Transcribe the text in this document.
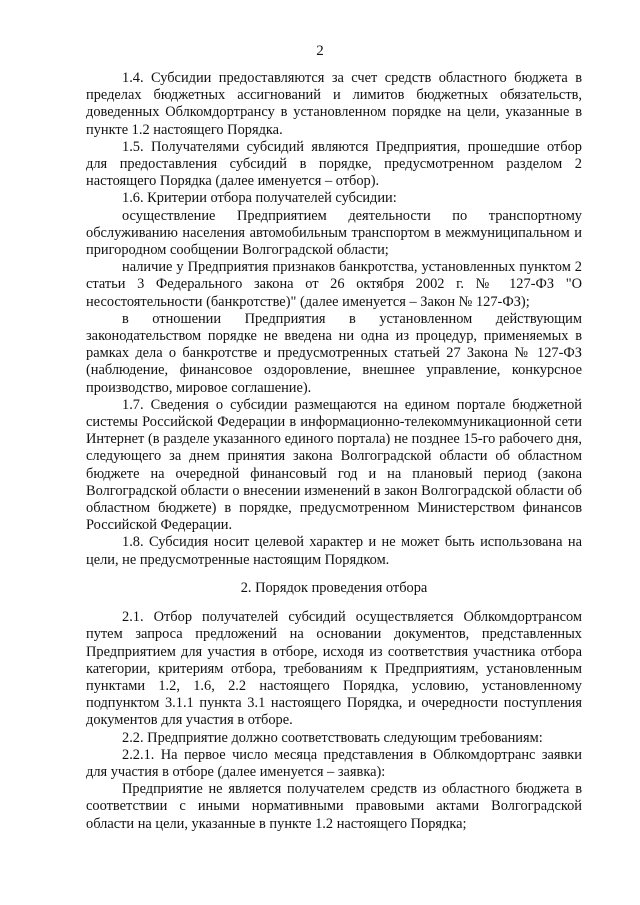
2

1.4. Субсидии предоставляются за счет средств областного бюджета в пределах бюджетных ассигнований и лимитов бюджетных обязательств, доведенных Облкомдортрансу в установленном порядке на цели, указанные в пункте 1.2 настоящего Порядка.

1.5. Получателями субсидий являются Предприятия, прошедшие отбор для предоставления субсидий в порядке, предусмотренном разделом 2 настоящего Порядка (далее именуется – отбор).

1.6. Критерии отбора получателей субсидии:

осуществление Предприятием деятельности по транспортному обслуживанию населения автомобильным транспортом в межмуниципальном и пригородном сообщении Волгоградской области;

наличие у Предприятия признаков банкротства, установленных пунктом 2 статьи 3 Федерального закона от 26 октября 2002 г. № 127-ФЗ "О несостоятельности (банкротстве)" (далее именуется – Закон № 127-ФЗ);

в отношении Предприятия в установленном действующим законодательством порядке не введена ни одна из процедур, применяемых в рамках дела о банкротстве и предусмотренных статьей 27 Закона № 127-ФЗ (наблюдение, финансовое оздоровление, внешнее управление, конкурсное производство, мировое соглашение).

1.7. Сведения о субсидии размещаются на едином портале бюджетной системы Российской Федерации в информационно-телекоммуникационной сети Интернет (в разделе указанного единого портала) не позднее 15-го рабочего дня, следующего за днем принятия закона Волгоградской области об областном бюджете на очередной финансовый год и на плановый период (закона Волгоградской области о внесении изменений в закон Волгоградской области об областном бюджете) в порядке, предусмотренном Министерством финансов Российской Федерации.

1.8. Субсидия носит целевой характер и не может быть использована на цели, не предусмотренные настоящим Порядком.

2. Порядок проведения отбора

2.1. Отбор получателей субсидий осуществляется Облкомдортрансом путем запроса предложений на основании документов, представленных Предприятием для участия в отборе, исходя из соответствия участника отбора категории, критериям отбора, требованиям к Предприятиям, установленным пунктами 1.2, 1.6, 2.2 настоящего Порядка, условию, установленному подпунктом 3.1.1 пункта 3.1 настоящего Порядка, и очередности поступления документов для участия в отборе.

2.2. Предприятие должно соответствовать следующим требованиям:

2.2.1. На первое число месяца представления в Облкомдортранс заявки для участия в отборе (далее именуется – заявка):

Предприятие не является получателем средств из областного бюджета в соответствии с иными нормативными правовыми актами Волгоградской области на цели, указанные в пункте 1.2 настоящего Порядка;
